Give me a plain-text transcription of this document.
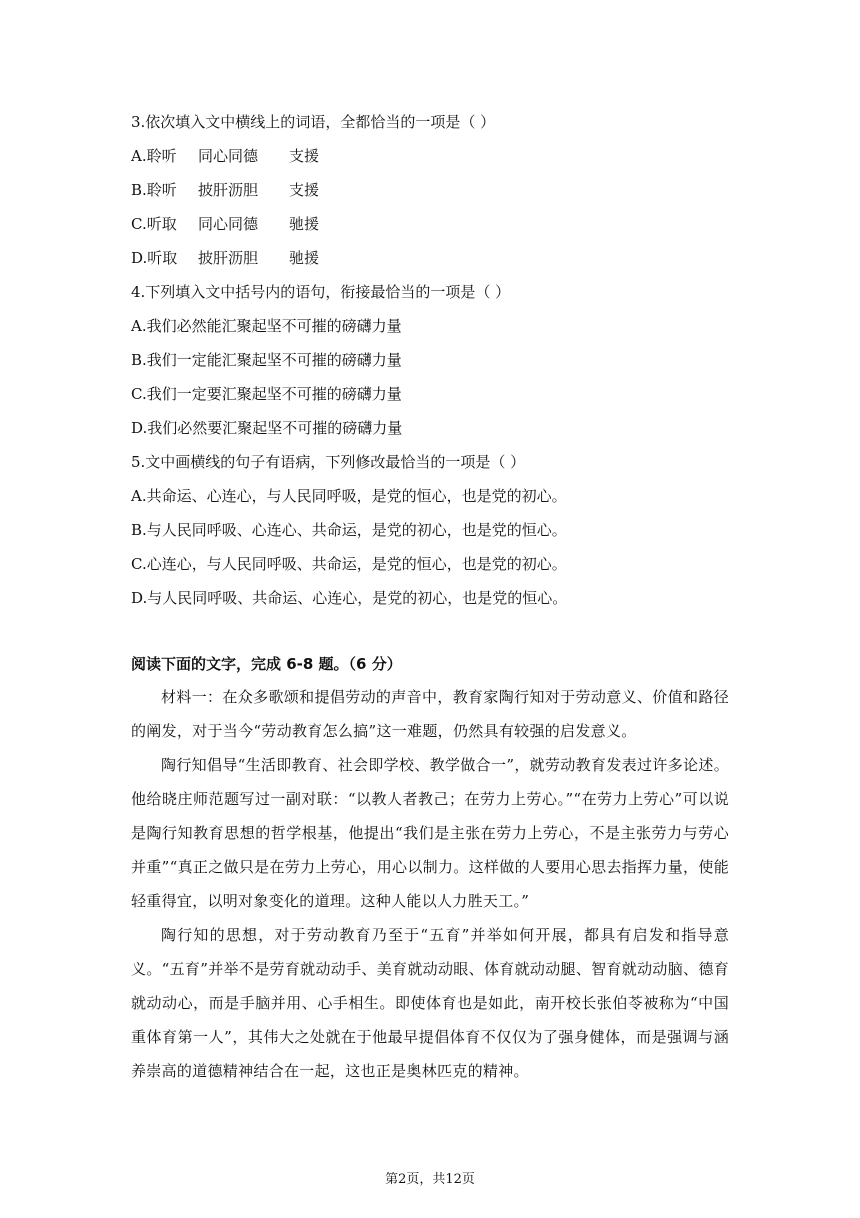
3.依次填入文中横线上的词语，全都恰当的一项是（ ）
A.聆听 同心同德 支援
B.聆听 披肝沥胆 支援
C.听取 同心同德 驰援
D.听取 披肝沥胆 驰援
4.下列填入文中括号内的语句，衔接最恰当的一项是（ ）
A.我们必然能汇聚起坚不可摧的磅礴力量
B.我们一定能汇聚起坚不可摧的磅礴力量
C.我们一定要汇聚起坚不可摧的磅礴力量
D.我们必然要汇聚起坚不可摧的磅礴力量
5.文中画横线的句子有语病，下列修改最恰当的一项是（ ）
A.共命运、心连心，与人民同呼吸，是党的恒心，也是党的初心。
B.与人民同呼吸、心连心、共命运，是党的初心，也是党的恒心。
C.心连心，与人民同呼吸、共命运，是党的恒心，也是党的初心。
D.与人民同呼吸、共命运、心连心，是党的初心，也是党的恒心。
阅读下面的文字，完成 6-8 题。（6 分）
材料一：在众多歌颂和提倡劳动的声音中，教育家陶行知对于劳动意义、价值和路径的阐发，对于当今“劳动教育怎么搞”这一难题，仍然具有较强的启发意义。
陶行知倡导“生活即教育、社会即学校、教学做合一”，就劳动教育发表过许多论述。他给晓庄师范题写过一副对联：“以教人者教己；在劳力上劳心。”“在劳力上劳心”可以说是陶行知教育思想的哲学根基，他提出“我们是主张在劳力上劳心，不是主张劳力与劳心并重”“真正之做只是在劳力上劳心，用心以制力。这样做的人要用心思去指挥力量，使能轻重得宜，以明对象变化的道理。这种人能以人力胜天工。”
陶行知的思想，对于劳动教育乃至于“五育”并举如何开展，都具有启发和指导意义。“五育”并举不是劳育就动动手、美育就动动眼、体育就动动腿、智育就动动脑、德育就动动心，而是手脑并用、心手相生。即使体育也是如此，南开校长张伯苓被称为“中国重体育第一人”，其伟大之处就在于他最早提倡体育不仅仅为了强身健体，而是强调与涵养崇高的道德精神结合在一起，这也正是奥林匹克的精神。
第2页，共12页
